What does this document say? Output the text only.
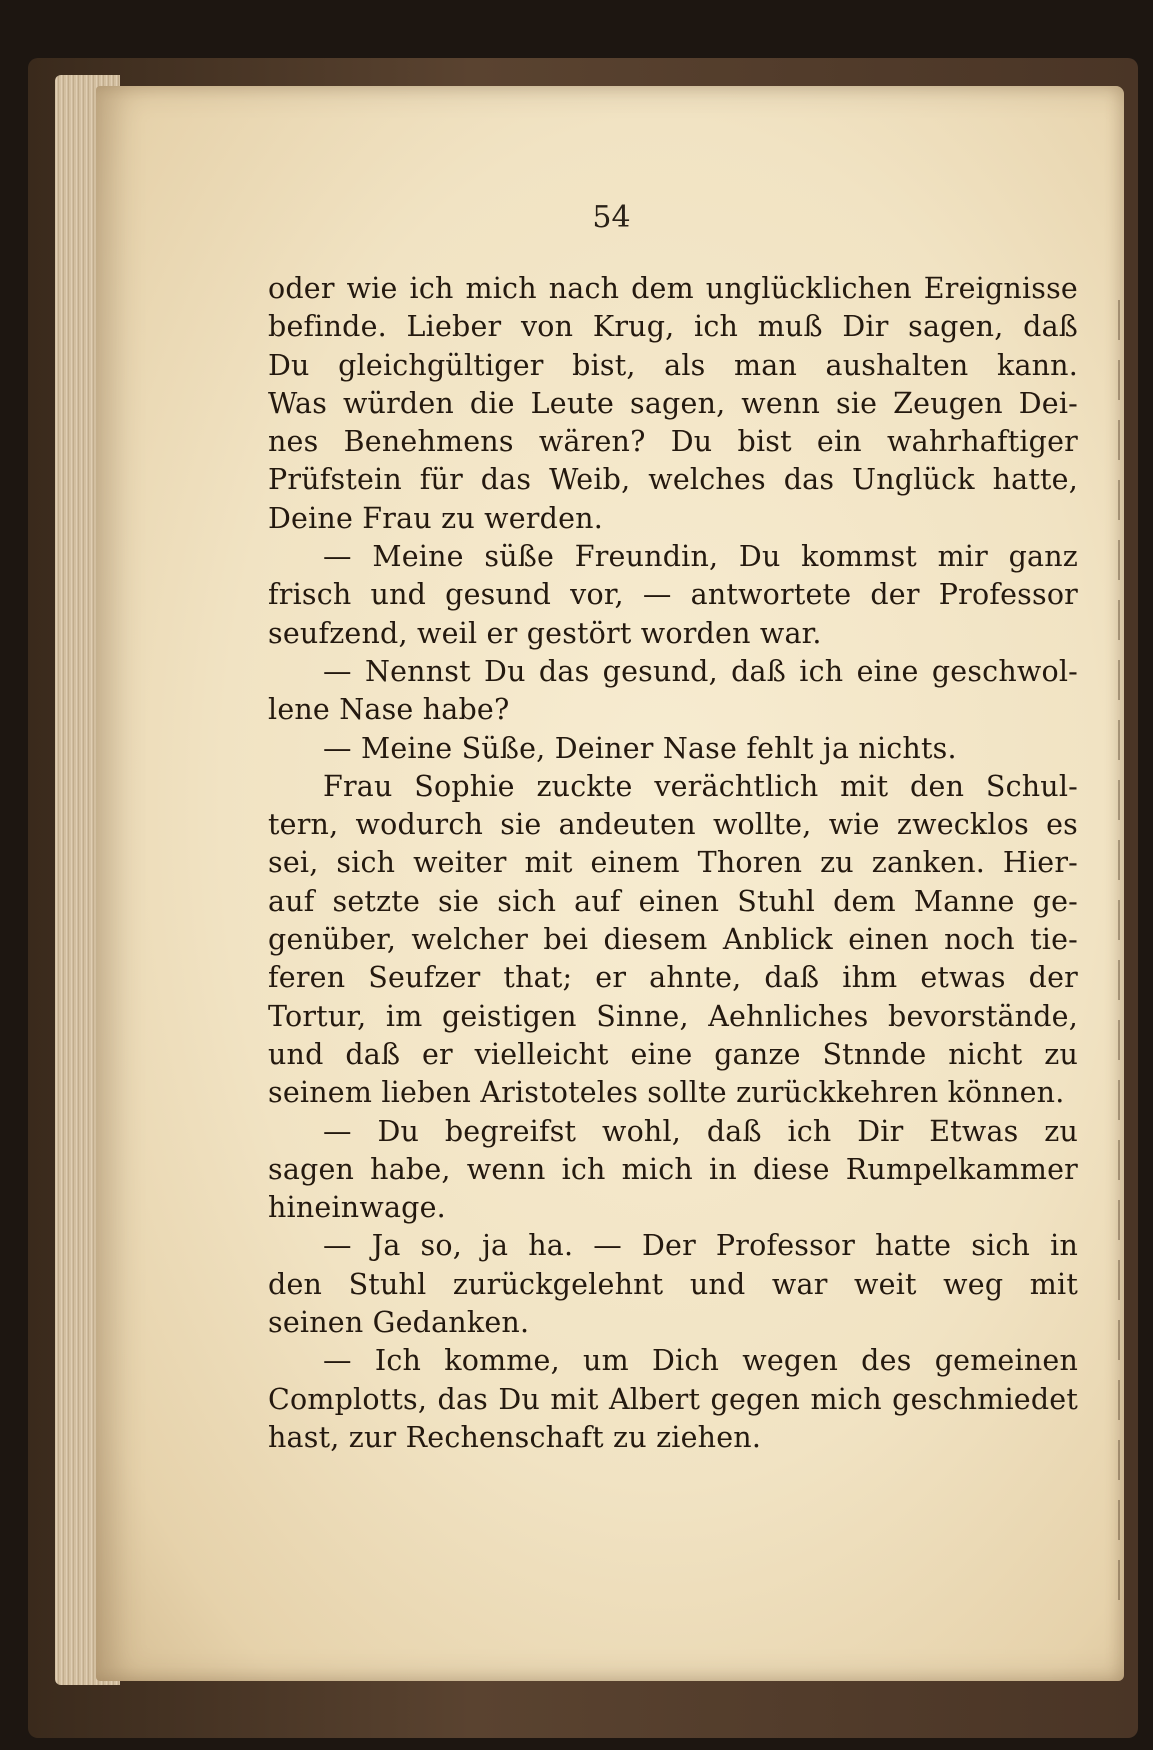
54
oder wie ich mich nach dem unglücklichen Ereignisse
befinde. Lieber von Krug, ich muß Dir sagen, daß
Du gleichgültiger bist, als man aushalten kann.
Was würden die Leute sagen, wenn sie Zeugen Dei-
nes Benehmens wären? Du bist ein wahrhaftiger
Prüfstein für das Weib, welches das Unglück hatte,
Deine Frau zu werden.
— Meine süße Freundin, Du kommst mir ganz
frisch und gesund vor, — antwortete der Professor
seufzend, weil er gestört worden war.
— Nennst Du das gesund, daß ich eine geschwol-
lene Nase habe?
— Meine Süße, Deiner Nase fehlt ja nichts.
Frau Sophie zuckte verächtlich mit den Schul-
tern, wodurch sie andeuten wollte, wie zwecklos es
sei, sich weiter mit einem Thoren zu zanken. Hier-
auf setzte sie sich auf einen Stuhl dem Manne ge-
genüber, welcher bei diesem Anblick einen noch tie-
feren Seufzer that; er ahnte, daß ihm etwas der
Tortur, im geistigen Sinne, Aehnliches bevorstände,
und daß er vielleicht eine ganze Stnnde nicht zu
seinem lieben Aristoteles sollte zurückkehren können.
— Du begreifst wohl, daß ich Dir Etwas zu
sagen habe, wenn ich mich in diese Rumpelkammer
hineinwage.
— Ja so, ja ha. — Der Professor hatte sich in
den Stuhl zurückgelehnt und war weit weg mit
seinen Gedanken.
— Ich komme, um Dich wegen des gemeinen
Complotts, das Du mit Albert gegen mich geschmiedet
hast, zur Rechenschaft zu ziehen.
